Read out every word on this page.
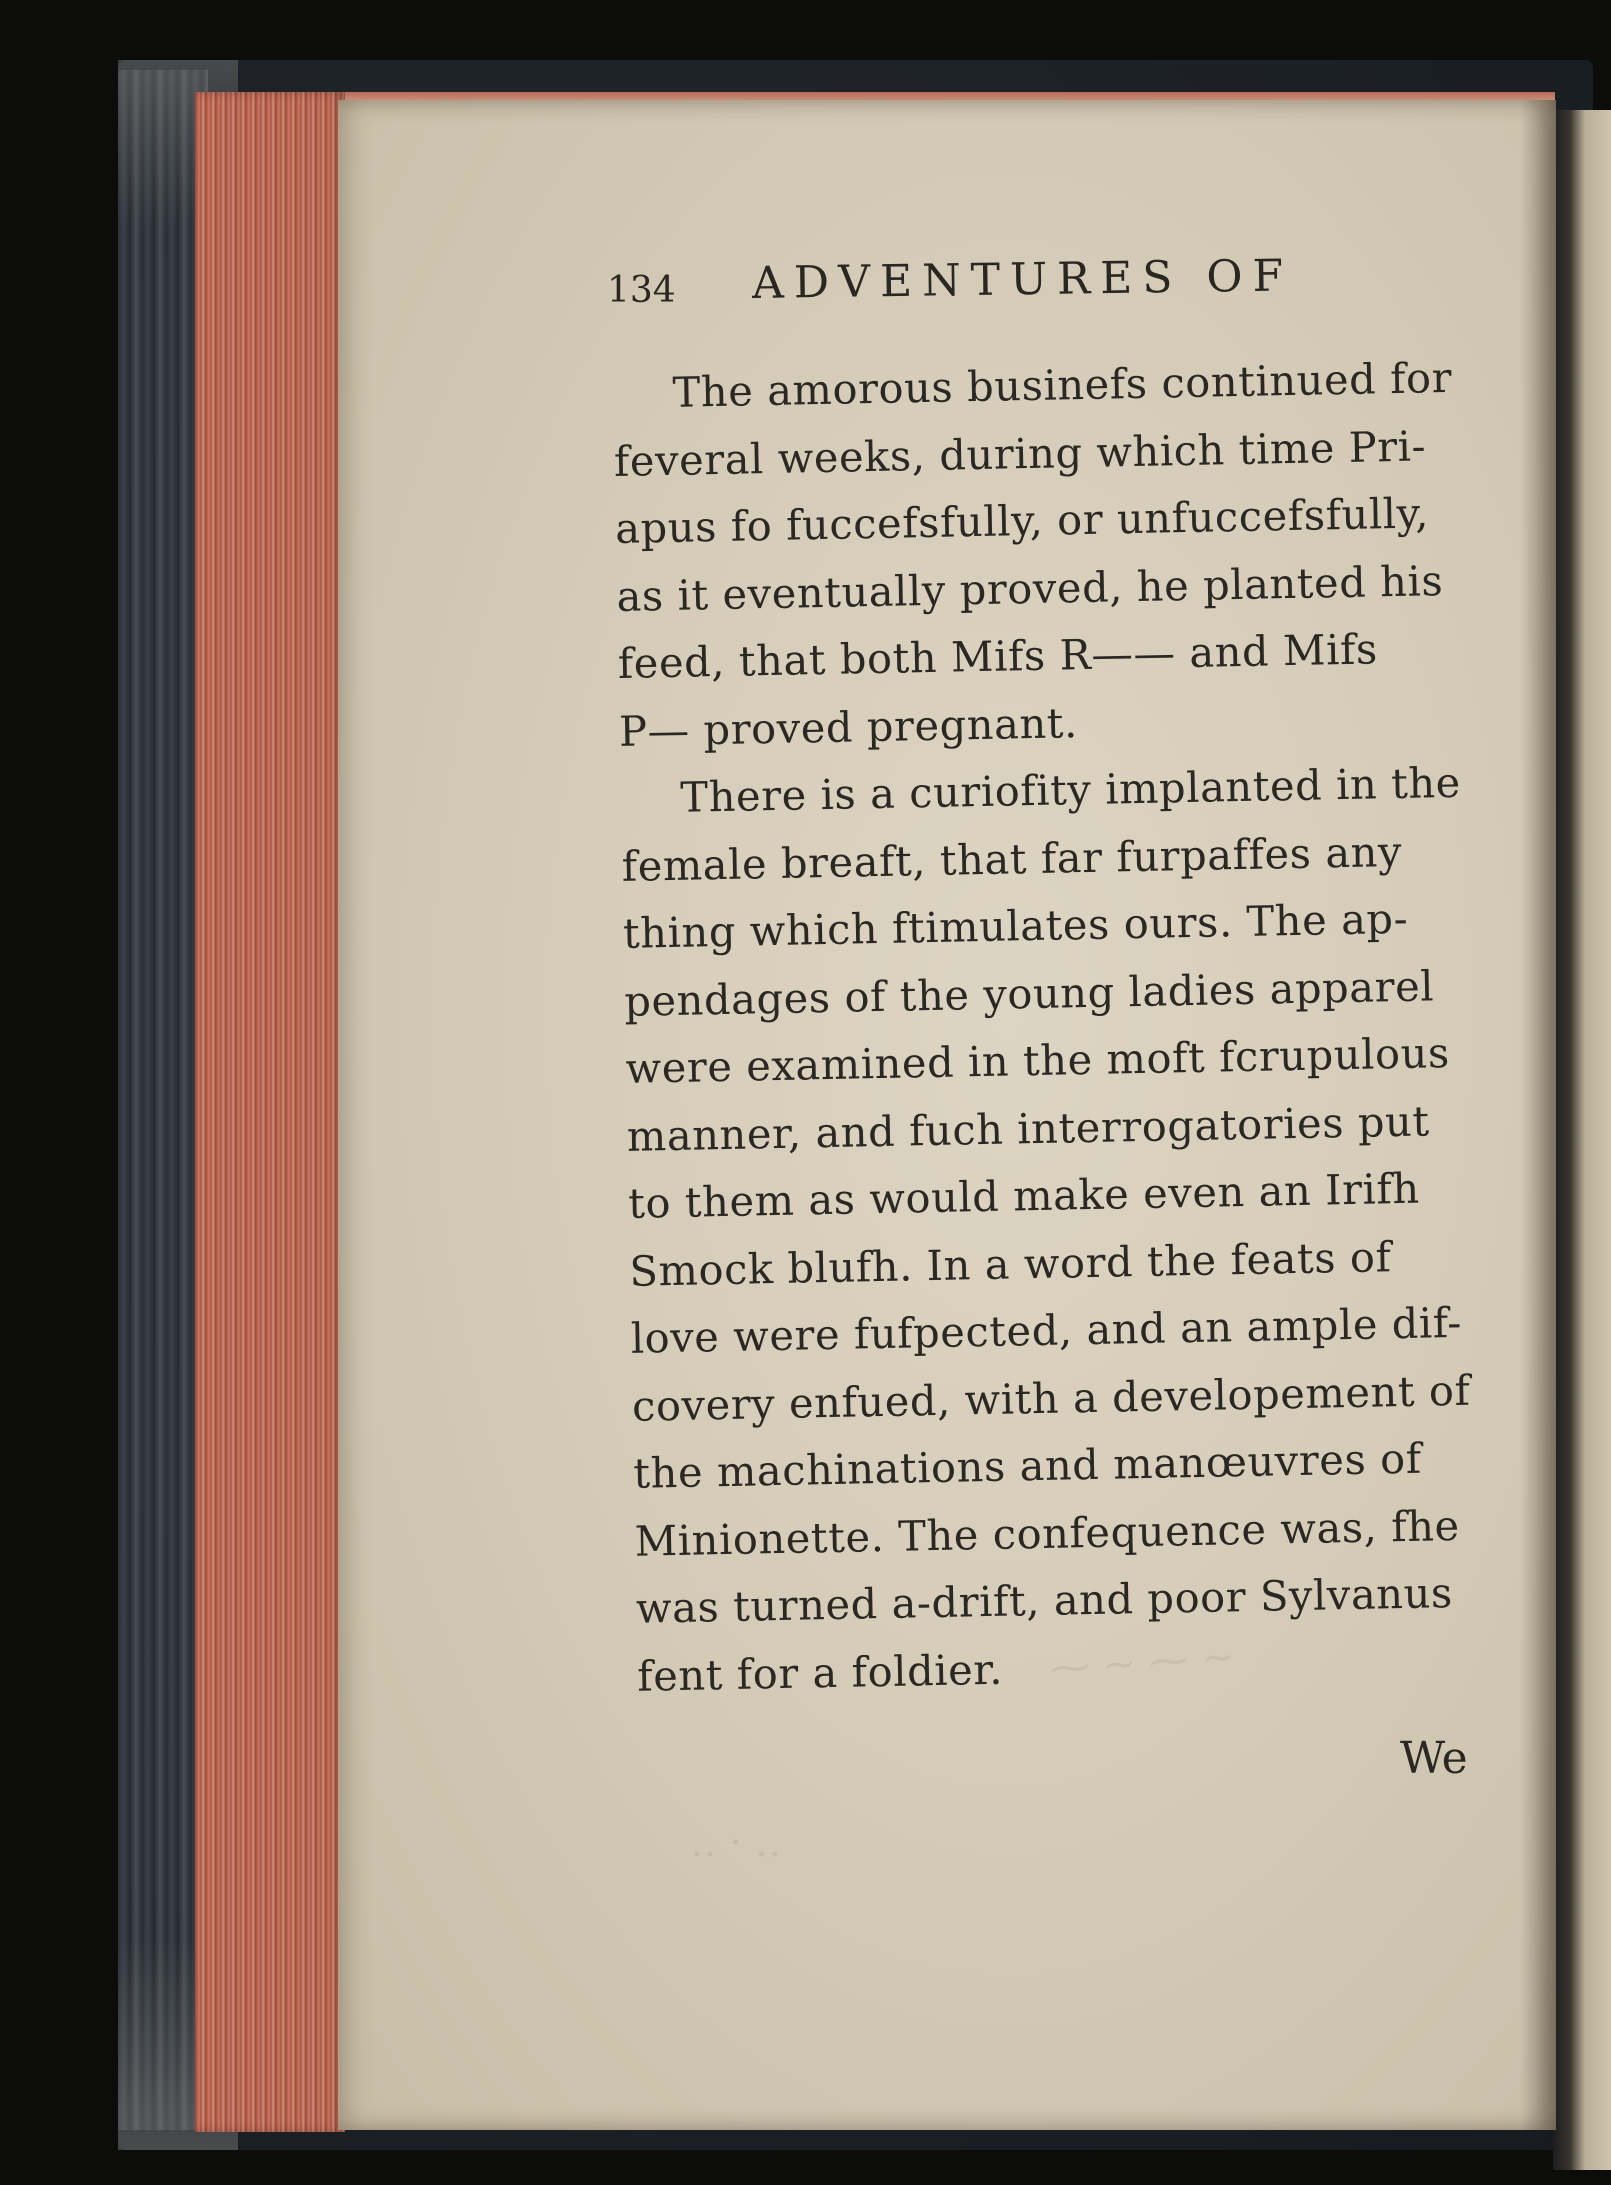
⁓ ~ ⁓ ~
‥ · ‥
134 ADVENTURES OF
The amorous businefs continued for
feveral weeks, during which time Pri-
apus fo fuccefsfully, or unfuccefsfully,
as it eventually proved, he planted his
feed, that both Mifs R—— and Mifs
P— proved pregnant.
There is a curiofity implanted in the
female breaft, that far furpaffes any
thing which ftimulates ours. The ap-
pendages of the young ladies apparel
were examined in the moft fcrupulous
manner, and fuch interrogatories put
to them as would make even an Irifh
Smock blufh. In a word the feats of
love were fufpected, and an ample dif-
covery enfued, with a developement of
the machinations and manœuvres of
Minionette. The confequence was, fhe
was turned a-drift, and poor Sylvanus
fent for a foldier.
We
